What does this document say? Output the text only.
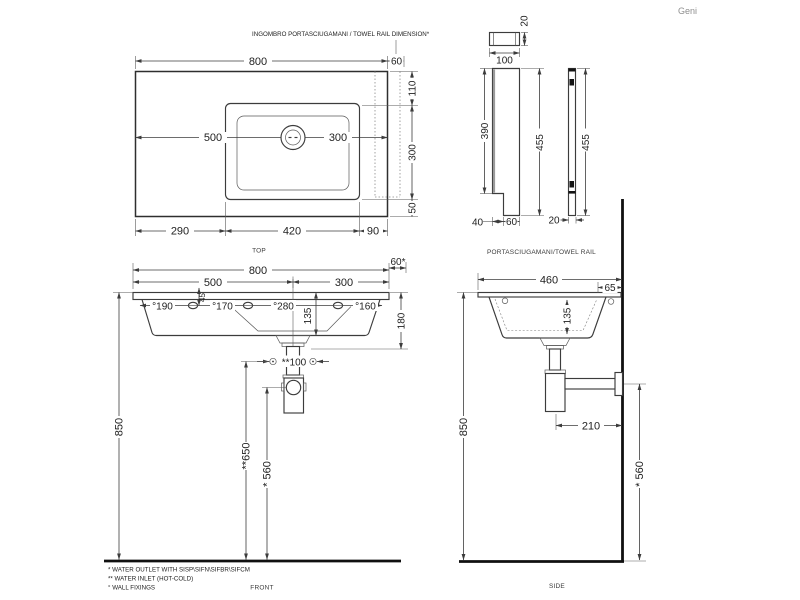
800	60
110
300
50
500	300
290	420	90
INGOMBRO PORTASCIUGAMANI / TOWEL RAIL DIMENSION*
TOP
20
100
390
455
40 60
455
20
PORTASCIUGAMANI/TOWEL RAIL
Geni
800
500	300
60*
°190
45
°170	°280
135
°160
180
**100
850
**650
* 560
FRONT
460
65
135
210
850
* 560
SIDE
* WATER OUTLET WITH SISP\SIFN\SIFBR\SIFCM
** WATER INLET (HOT-COLD)
° WALL FIXINGS
